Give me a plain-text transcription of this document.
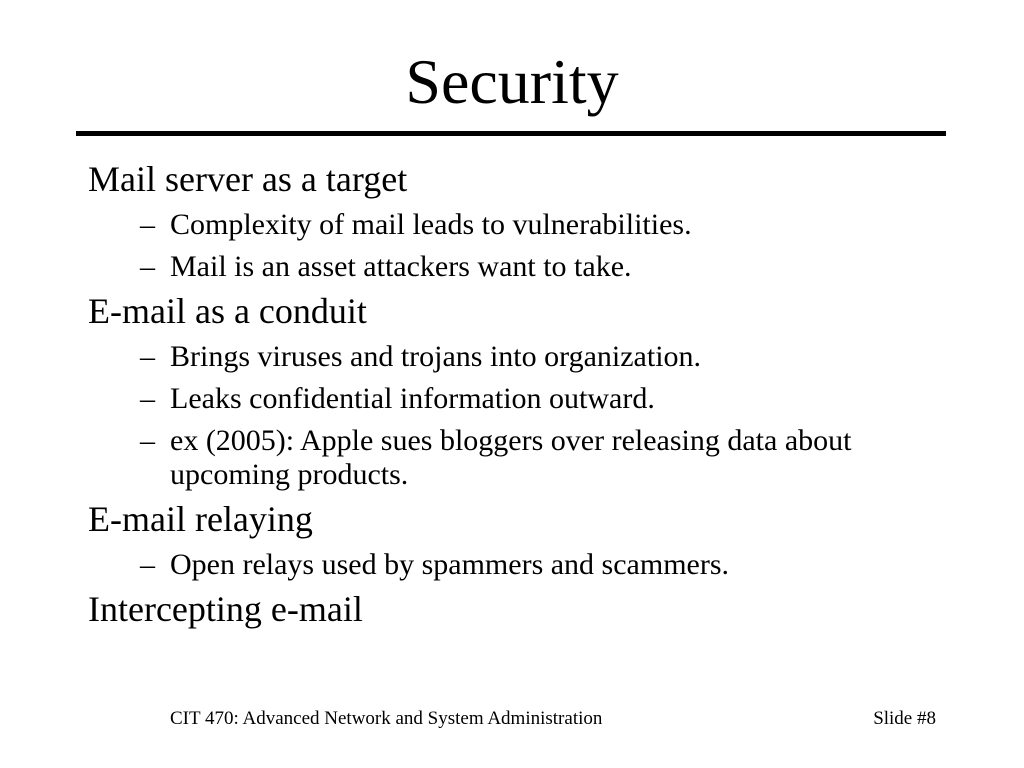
Security
Mail server as a target
– Complexity of mail leads to vulnerabilities.
– Mail is an asset attackers want to take.
E-mail as a conduit
– Brings viruses and trojans into organization.
– Leaks confidential information outward.
– ex (2005): Apple sues bloggers over releasing data about upcoming products.
E-mail relaying
– Open relays used by spammers and scammers.
Intercepting e-mail
CIT 470: Advanced Network and System Administration	Slide #8
